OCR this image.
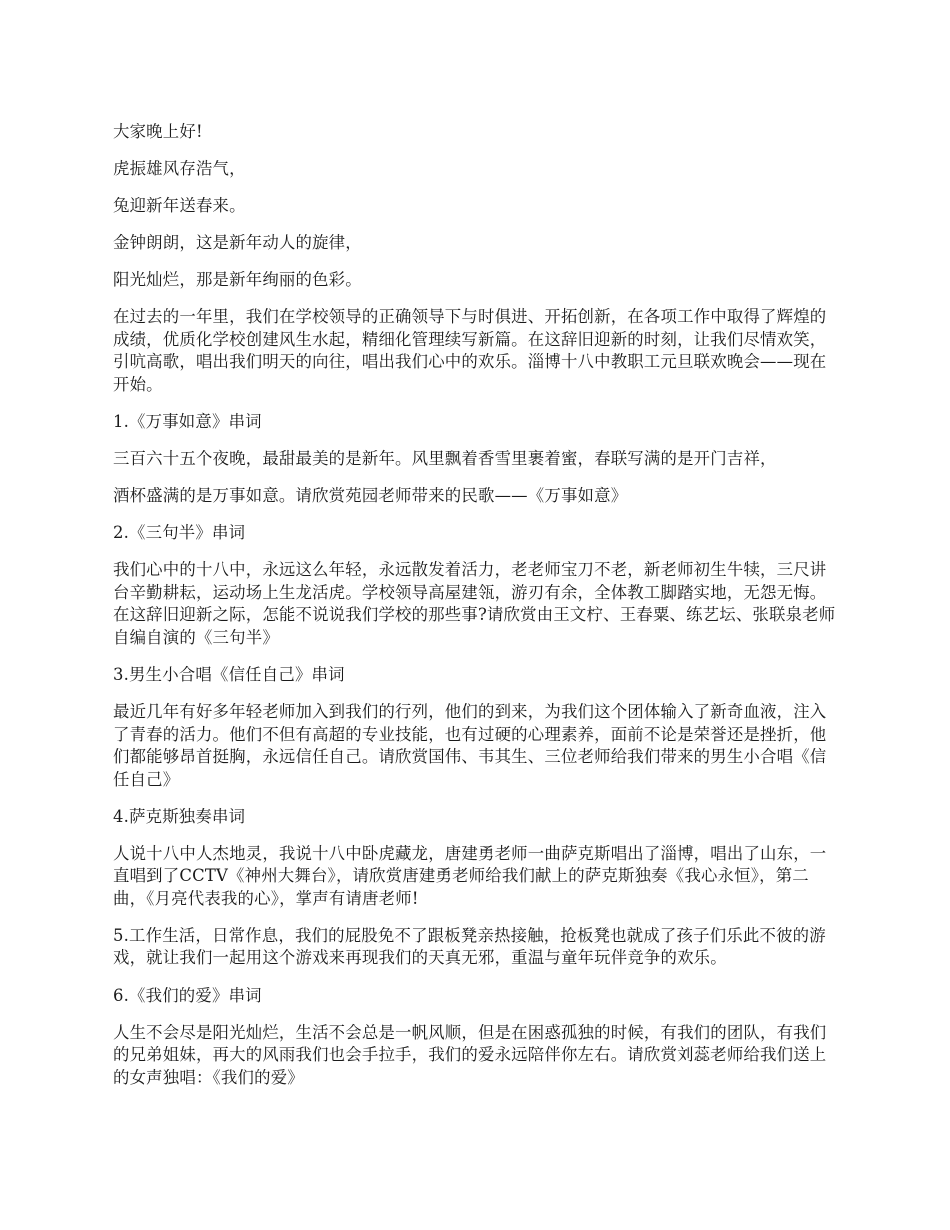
大家晚上好!

虎振雄风存浩气，

兔迎新年送春来。

金钟朗朗，这是新年动人的旋律，

阳光灿烂，那是新年绚丽的色彩。

在过去的一年里，我们在学校领导的正确领导下与时俱进、开拓创新，在各项工作中取得了辉煌的成绩，优质化学校创建风生水起，精细化管理续写新篇。在这辞旧迎新的时刻，让我们尽情欢笑，引吭高歌，唱出我们明天的向往，唱出我们心中的欢乐。淄博十八中教职工元旦联欢晚会——现在开始。

1.《万事如意》串词

三百六十五个夜晚，最甜最美的是新年。风里飘着香雪里裹着蜜，春联写满的是开门吉祥，

酒杯盛满的是万事如意。请欣赏苑园老师带来的民歌——《万事如意》

2.《三句半》串词

我们心中的十八中，永远这么年轻，永远散发着活力，老老师宝刀不老，新老师初生牛犊，三尺讲台辛勤耕耘，运动场上生龙活虎。学校领导高屋建瓴，游刃有余，全体教工脚踏实地，无怨无悔。在这辞旧迎新之际，怎能不说说我们学校的那些事?请欣赏由王文柠、王春粟、练艺坛、张联泉老师自编自演的《三句半》

3.男生小合唱《信任自己》串词

最近几年有好多年轻老师加入到我们的行列，他们的到来，为我们这个团体输入了新奇血液，注入了青春的活力。他们不但有高超的专业技能，也有过硬的心理素养，面前不论是荣誉还是挫折，他们都能够昂首挺胸，永远信任自己。请欣赏国伟、韦其生、三位老师给我们带来的男生小合唱《信任自己》

4.萨克斯独奏串词

人说十八中人杰地灵，我说十八中卧虎藏龙，唐建勇老师一曲萨克斯唱出了淄博，唱出了山东，一直唱到了CCTV《神州大舞台》，请欣赏唐建勇老师给我们献上的萨克斯独奏《我心永恒》，第二曲，《月亮代表我的心》，掌声有请唐老师!

5.工作生活，日常作息，我们的屁股免不了跟板凳亲热接触，抢板凳也就成了孩子们乐此不彼的游戏，就让我们一起用这个游戏来再现我们的天真无邪，重温与童年玩伴竞争的欢乐。

6.《我们的爱》串词

人生不会尽是阳光灿烂，生活不会总是一帆风顺，但是在困惑孤独的时候，有我们的团队，有我们的兄弟姐妹，再大的风雨我们也会手拉手，我们的爱永远陪伴你左右。请欣赏刘蕊老师给我们送上的女声独唱：《我们的爱》
